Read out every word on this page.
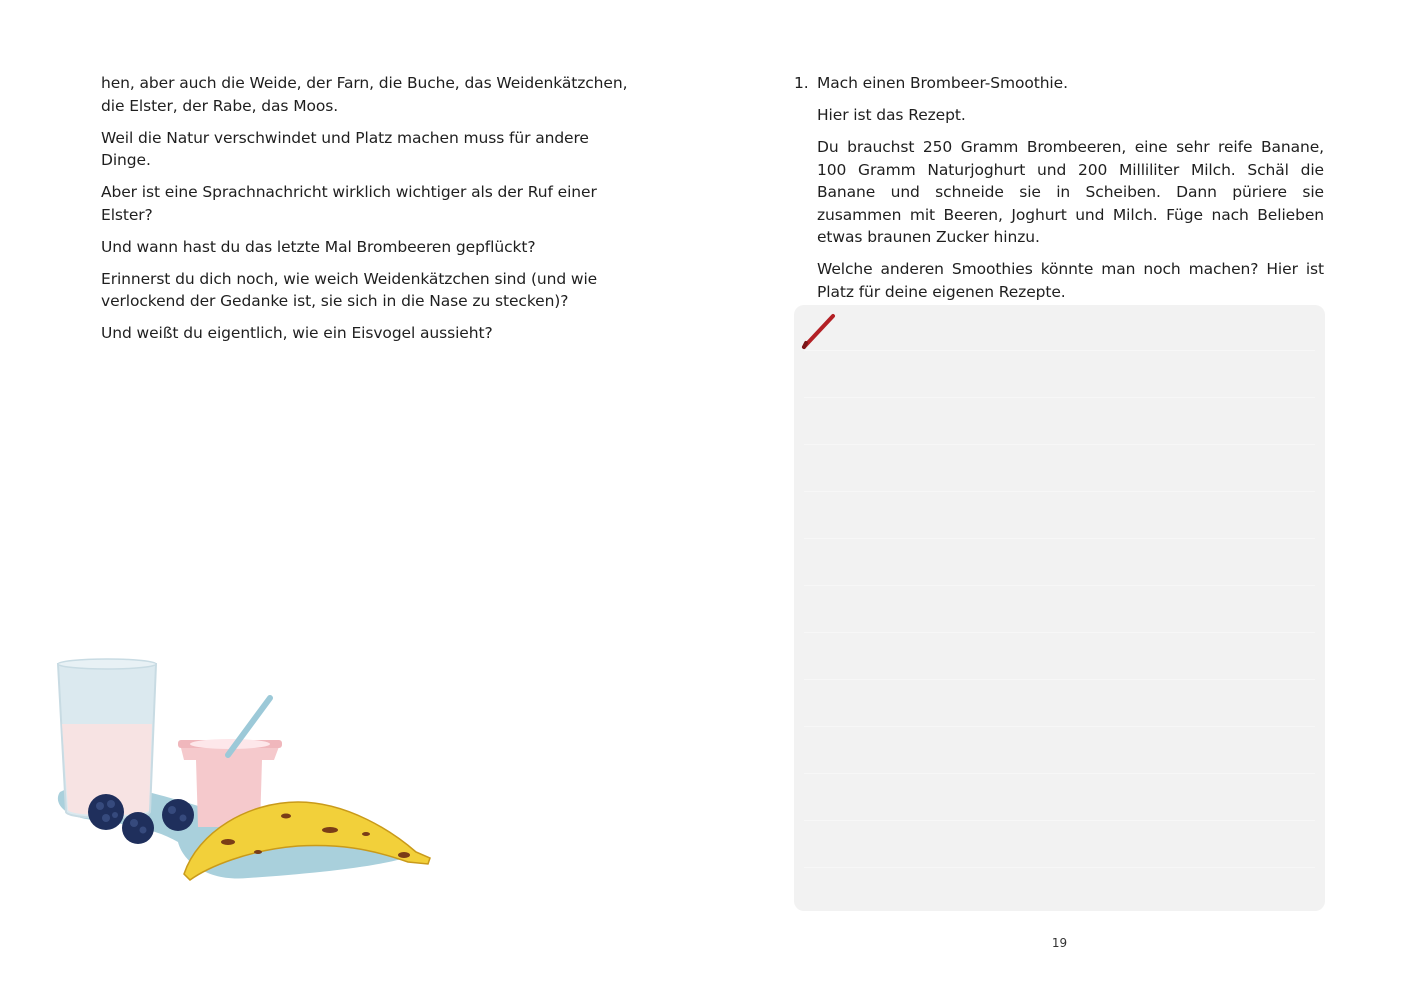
hen, aber auch die Weide, der Farn, die Buche, das Weidenkätzchen, die Elster, der Rabe, das Moos.

Weil die Natur verschwindet und Platz machen muss für andere Dinge.

Aber ist eine Sprachnachricht wirklich wichtiger als der Ruf einer Elster?

Und wann hast du das letzte Mal Brombeeren gepflückt?

Erinnerst du dich noch, wie weich Weidenkätzchen sind (und wie verlockend der Gedanke ist, sie sich in die Nase zu stecken)?

Und weißt du eigentlich, wie ein Eisvogel aussieht?

1. Mach einen Brombeer-Smoothie.

Hier ist das Rezept.

Du brauchst 250 Gramm Brombeeren, eine sehr reife Banane, 100 Gramm Naturjoghurt und 200 Milliliter Milch. Schäl die Banane und schneide sie in Scheiben. Dann püriere sie zusammen mit Beeren, Joghurt und Milch. Füge nach Belieben etwas braunen Zucker hinzu.

Welche anderen Smoothies könnte man noch machen? Hier ist Platz für deine eigenen Rezepte.

19
